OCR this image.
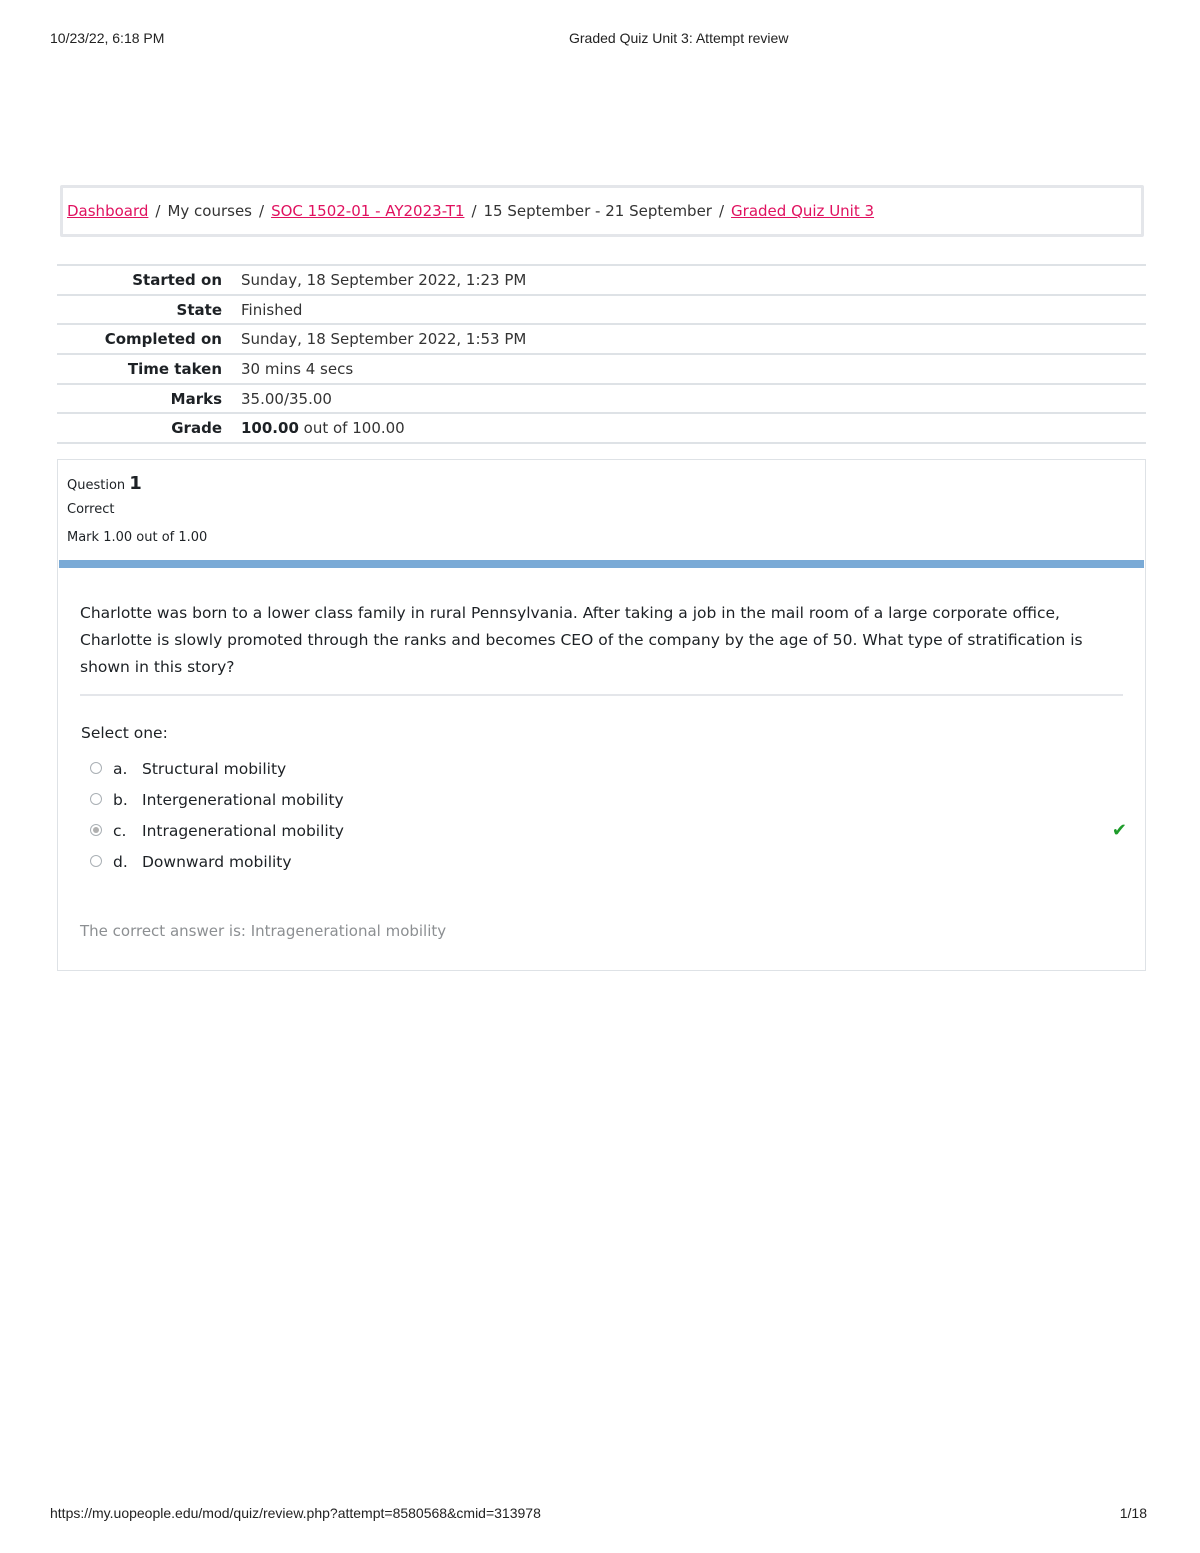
10/23/22, 6:18 PM	Graded Quiz Unit 3: Attempt review
Dashboard / My courses / SOC 1502-01 - AY2023-T1 / 15 September - 21 September / Graded Quiz Unit 3
Started on	Sunday, 18 September 2022, 1:23 PM
State	Finished
Completed on	Sunday, 18 September 2022, 1:53 PM
Time taken	30 mins 4 secs
Marks	35.00/35.00
Grade	100.00 out of 100.00
Question 1
Correct
Mark 1.00 out of 1.00
Charlotte was born to a lower class family in rural Pennsylvania. After taking a job in the mail room of a large corporate office, Charlotte is slowly promoted through the ranks and becomes CEO of the company by the age of 50. What type of stratification is shown in this story?
Select one:
a. Structural mobility
b. Intergenerational mobility
c. Intragenerational mobility	✔
d. Downward mobility
The correct answer is: Intragenerational mobility
https://my.uopeople.edu/mod/quiz/review.php?attempt=8580568&cmid=313978	1/18
